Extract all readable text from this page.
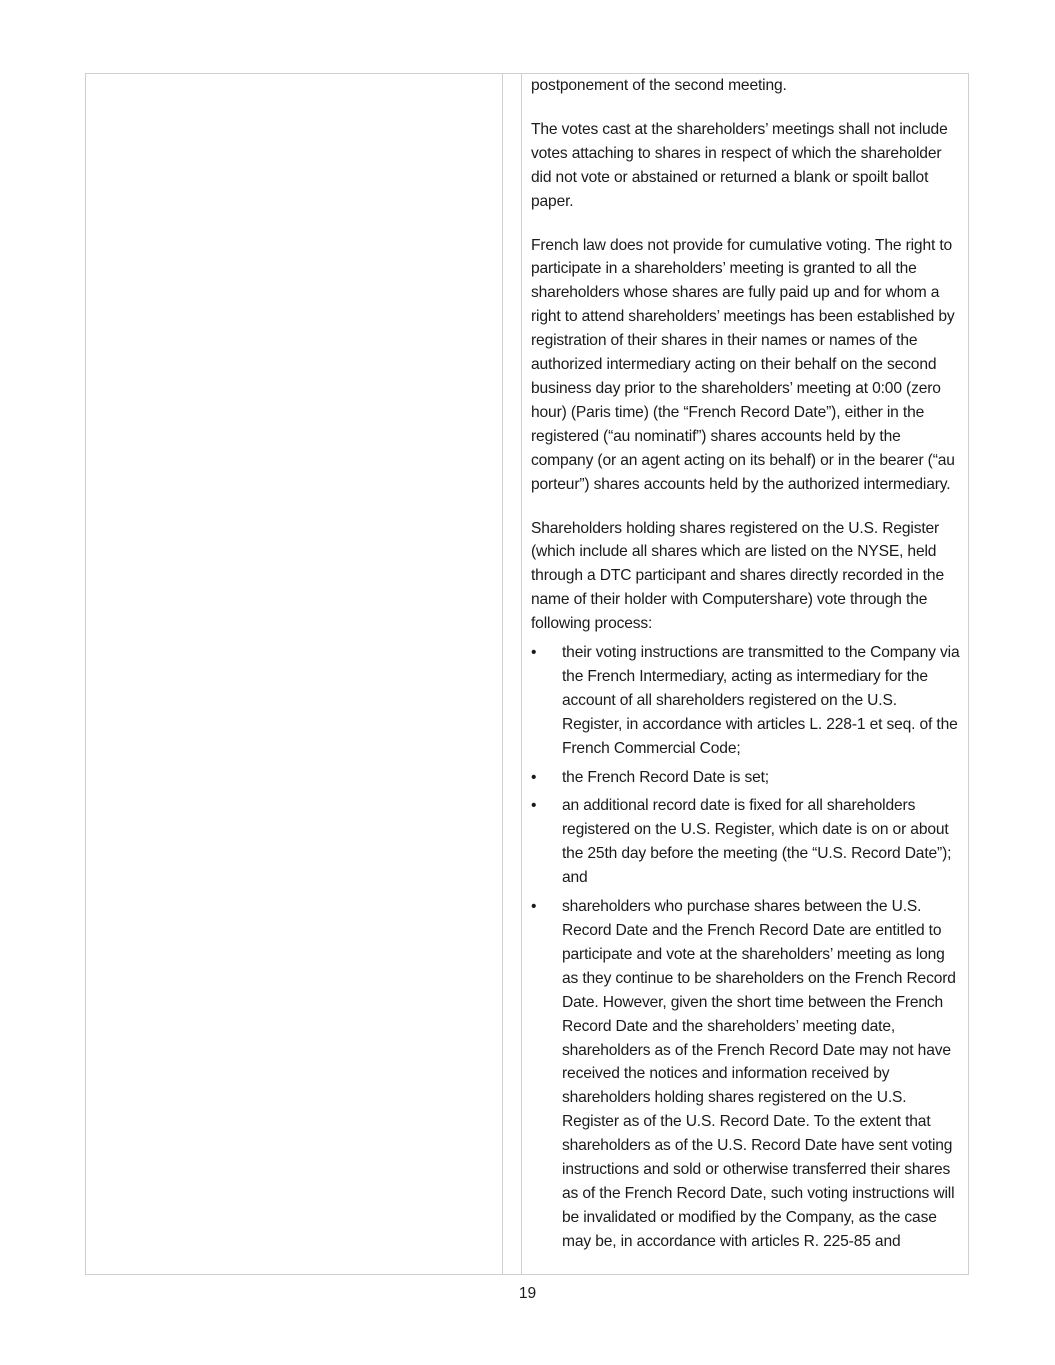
postponement of the second meeting.

The votes cast at the shareholders’ meetings shall not include votes attaching to shares in respect of which the shareholder did not vote or abstained or returned a blank or spoilt ballot paper.

French law does not provide for cumulative voting. The right to participate in a shareholders’ meeting is granted to all the shareholders whose shares are fully paid up and for whom a right to attend shareholders’ meetings has been established by registration of their shares in their names or names of the authorized intermediary acting on their behalf on the second business day prior to the shareholders’ meeting at 0:00 (zero hour) (Paris time) (the “French Record Date”), either in the registered (“au nominatif”) shares accounts held by the company (or an agent acting on its behalf) or in the bearer (“au porteur”) shares accounts held by the authorized intermediary.

Shareholders holding shares registered on the U.S. Register (which include all shares which are listed on the NYSE, held through a DTC participant and shares directly recorded in the name of their holder with Computershare) vote through the following process:

• their voting instructions are transmitted to the Company via the French Intermediary, acting as intermediary for the account of all shareholders registered on the U.S. Register, in accordance with articles L. 228-1 et seq. of the French Commercial Code;
• the French Record Date is set;
• an additional record date is fixed for all shareholders registered on the U.S. Register, which date is on or about the 25th day before the meeting (the “U.S. Record Date”); and
• shareholders who purchase shares between the U.S. Record Date and the French Record Date are entitled to participate and vote at the shareholders’ meeting as long as they continue to be shareholders on the French Record Date. However, given the short time between the French Record Date and the shareholders’ meeting date, shareholders as of the French Record Date may not have received the notices and information received by shareholders holding shares registered on the U.S. Register as of the U.S. Record Date. To the extent that shareholders as of the U.S. Record Date have sent voting instructions and sold or otherwise transferred their shares as of the French Record Date, such voting instructions will be invalidated or modified by the Company, as the case may be, in accordance with articles R. 225-85 and
19
